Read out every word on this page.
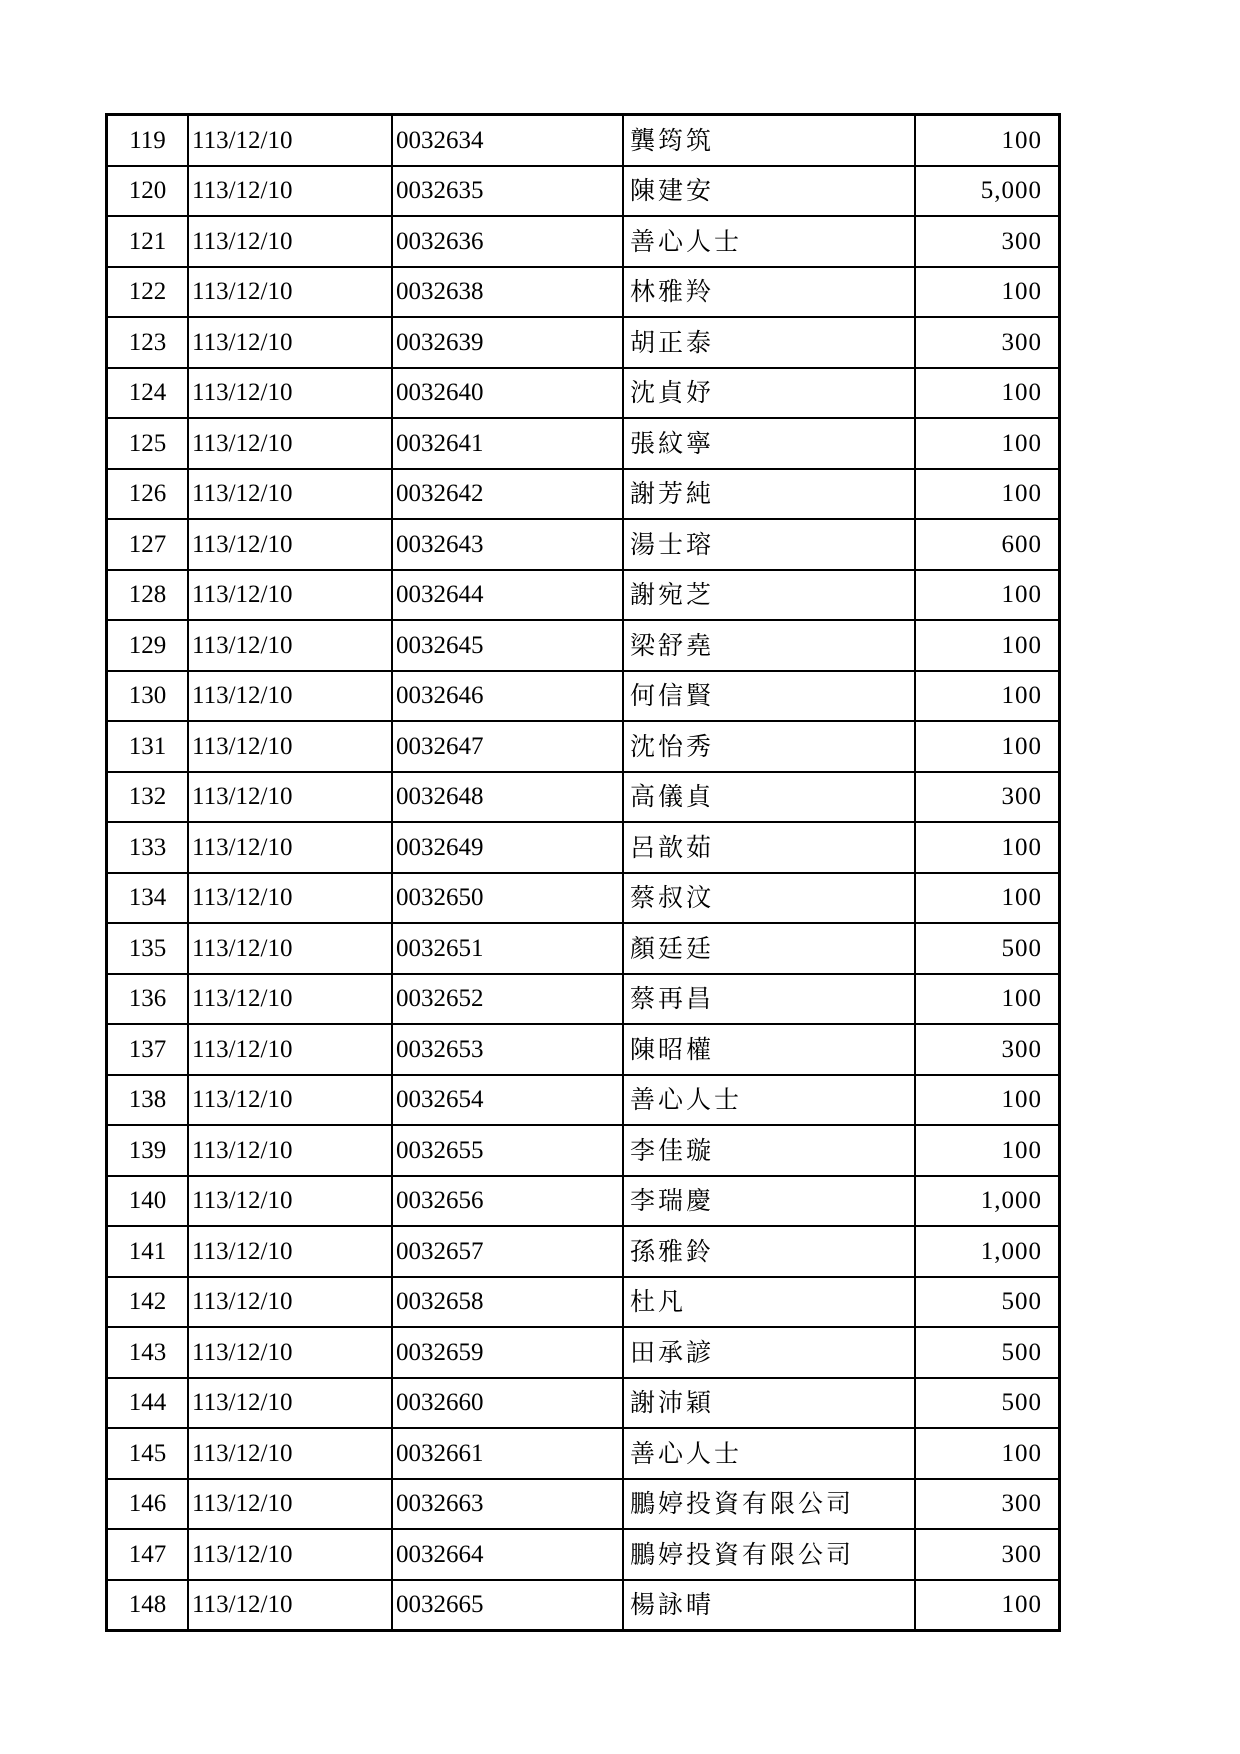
119	113/12/10	0032634	龔筠筑	100
120	113/12/10	0032635	陳建安	5,000
121	113/12/10	0032636	善心人士	300
122	113/12/10	0032638	林雅羚	100
123	113/12/10	0032639	胡正泰	300
124	113/12/10	0032640	沈貞妤	100
125	113/12/10	0032641	張紋寧	100
126	113/12/10	0032642	謝芳純	100
127	113/12/10	0032643	湯士瑢	600
128	113/12/10	0032644	謝宛芝	100
129	113/12/10	0032645	梁舒堯	100
130	113/12/10	0032646	何信賢	100
131	113/12/10	0032647	沈怡秀	100
132	113/12/10	0032648	高儀貞	300
133	113/12/10	0032649	呂歆茹	100
134	113/12/10	0032650	蔡叔汶	100
135	113/12/10	0032651	顏廷廷	500
136	113/12/10	0032652	蔡再昌	100
137	113/12/10	0032653	陳昭權	300
138	113/12/10	0032654	善心人士	100
139	113/12/10	0032655	李佳璇	100
140	113/12/10	0032656	李瑞慶	1,000
141	113/12/10	0032657	孫雅鈴	1,000
142	113/12/10	0032658	杜凡	500
143	113/12/10	0032659	田承諺	500
144	113/12/10	0032660	謝沛穎	500
145	113/12/10	0032661	善心人士	100
146	113/12/10	0032663	鵬婷投資有限公司	300
147	113/12/10	0032664	鵬婷投資有限公司	300
148	113/12/10	0032665	楊詠晴	100
